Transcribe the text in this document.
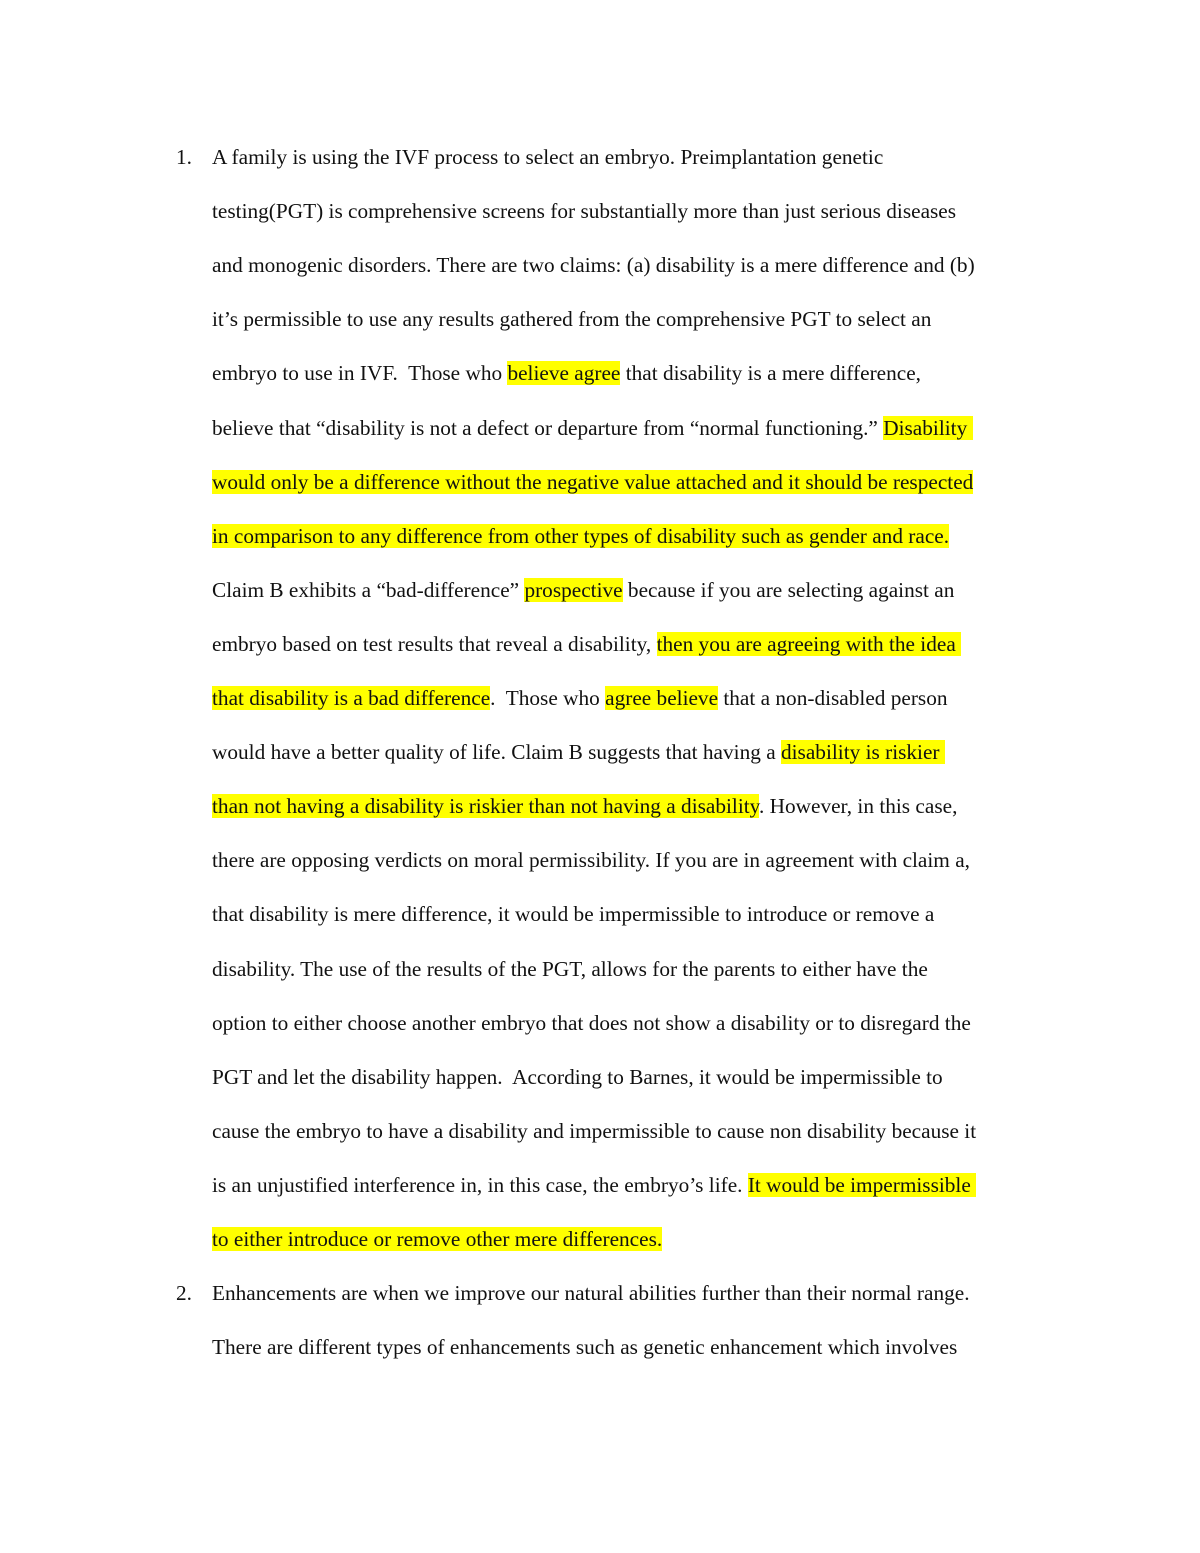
1. A family is using the IVF process to select an embryo. Preimplantation genetic
testing(PGT) is comprehensive screens for substantially more than just serious diseases
and monogenic disorders. There are two claims: (a) disability is a mere difference and (b)
it’s permissible to use any results gathered from the comprehensive PGT to select an
embryo to use in IVF.  Those who believe agree that disability is a mere difference,
believe that “disability is not a defect or departure from “normal functioning.” Disability
would only be a difference without the negative value attached and it should be respected
in comparison to any difference from other types of disability such as gender and race.
Claim B exhibits a “bad-difference” prospective because if you are selecting against an
embryo based on test results that reveal a disability, then you are agreeing with the idea
that disability is a bad difference.  Those who agree believe that a non-disabled person
would have a better quality of life. Claim B suggests that having a disability is riskier
than not having a disability is riskier than not having a disability. However, in this case,
there are opposing verdicts on moral permissibility. If you are in agreement with claim a,
that disability is mere difference, it would be impermissible to introduce or remove a
disability. The use of the results of the PGT, allows for the parents to either have the
option to either choose another embryo that does not show a disability or to disregard the
PGT and let the disability happen.  According to Barnes, it would be impermissible to
cause the embryo to have a disability and impermissible to cause non disability because it
is an unjustified interference in, in this case, the embryo’s life. It would be impermissible
to either introduce or remove other mere differences.
2. Enhancements are when we improve our natural abilities further than their normal range.
There are different types of enhancements such as genetic enhancement which involves
